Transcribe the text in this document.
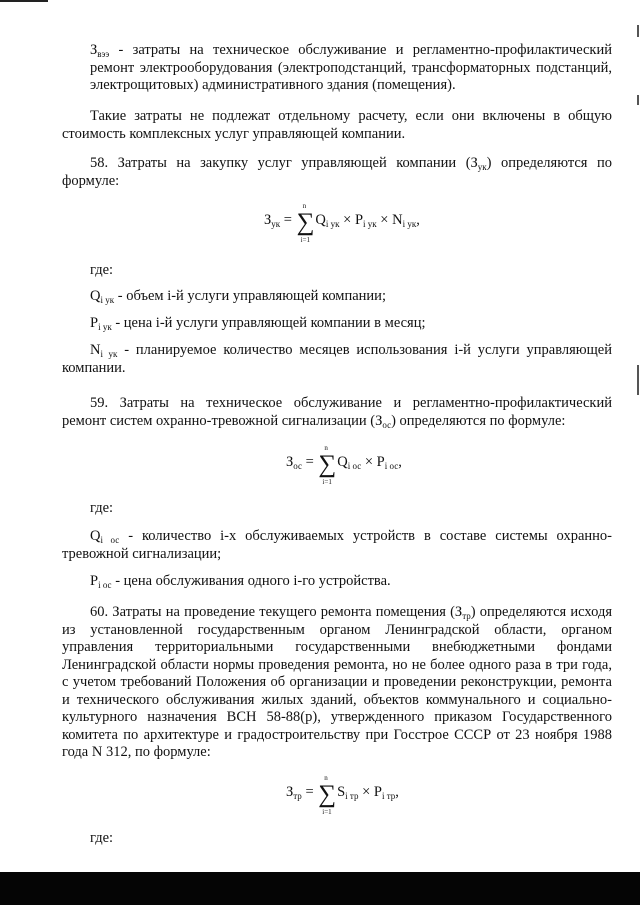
$З_{вээ}$ - затраты на техническое обслуживание и регламентно-профилактический ремонт электрооборудования (электроподстанций, трансформаторных подстанций, электрощитовых) административного здания (помещения).

Такие затраты не подлежат отдельному расчету, если они включены в общую стоимость комплексных услуг управляющей компании.

58. Затраты на закупку услуг управляющей компании $(З_{ук})$ определяются по формуле:

$З_{ук}$ = ∑
n
i=1
$Q_{i ук} \times P_{i ук} \times N_{i ук}$,

где:

$Q_{i ук}$ - объем i-й услуги управляющей компании;

$P_{i ук}$ - цена i-й услуги управляющей компании в месяц;

$N_{i ук}$ - планируемое количество месяцев использования i-й услуги управляющей компании.

59. Затраты на техническое обслуживание и регламентно-профилактический ремонт систем охранно-тревожной сигнализации $(З_{ос})$ определяются по формуле:

$З_{ос}$ = ∑
n
i=1
$Q_{i ос} \times P_{i ос}$,

где:

$Q_{i ос}$ - количество i-х обслуживаемых устройств в составе системы охранно-тревожной сигнализации;

$P_{i ос}$ - цена обслуживания одного i-го устройства.

60. Затраты на проведение текущего ремонта помещения $(З_{тр})$ определяются исходя из установленной государственным органом Ленинградской области, органом управления территориальными государственными внебюджетными фондами Ленинградской области нормы проведения ремонта, но не более одного раза в три года, с учетом требований Положения об организации и проведении реконструкции, ремонта и технического обслуживания жилых зданий, объектов коммунального и социально-культурного назначения ВСН 58-88(р), утвержденного приказом Государственного комитета по архитектуре и градостроительству при Госстрое СССР от 23 ноября 1988 года N 312, по формуле:

$З_{тр}$ = ∑
n
i=1
$S_{i тр} \times P_{i тр}$,

где:
